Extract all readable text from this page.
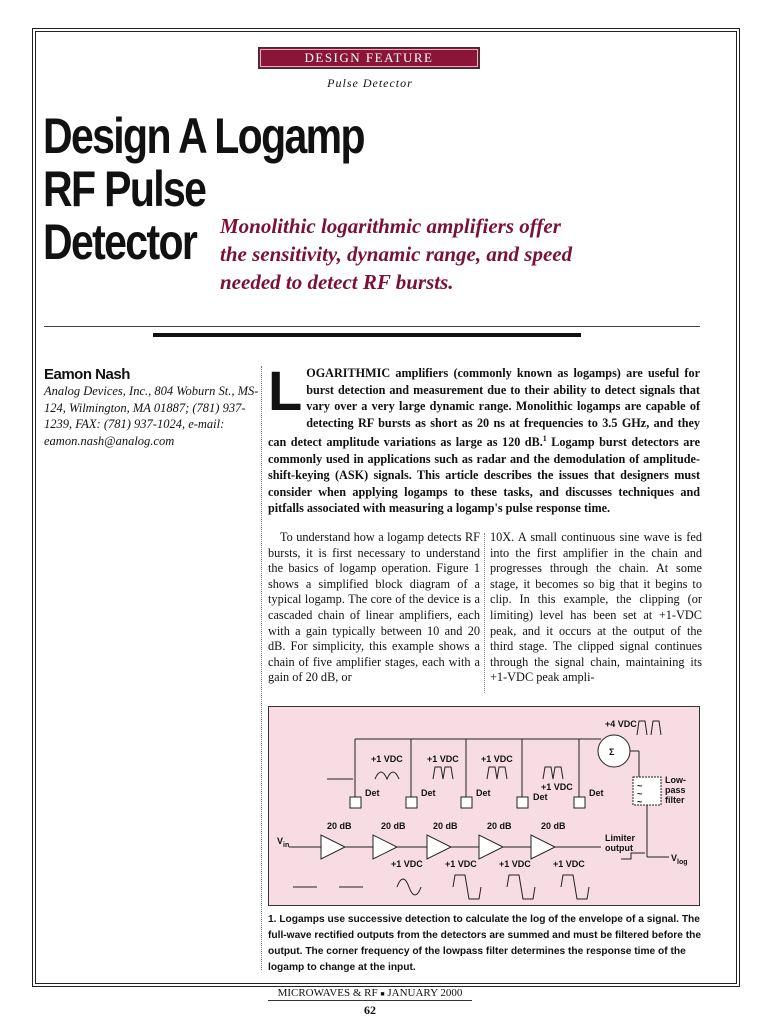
DESIGN FEATURE
Pulse Detector
Design A Logamp
RF Pulse
Detector	Monolithic logarithmic amplifiers offer the sensitivity, dynamic range, and speed needed to detect RF bursts.
Eamon Nash
Analog Devices, Inc., 804 Woburn St., MS-124, Wilmington, MA 01887; (781) 937-1239, FAX: (781) 937-1024, e-mail: eamon.nash@analog.com

LOGARITHMIC amplifiers (commonly known as logamps) are useful for burst detection and measurement due to their ability to detect signals that vary over a very large dynamic range. Monolithic logamps are capable of detecting RF bursts as short as 20 ns at frequencies to 3.5 GHz, and they can detect amplitude variations as large as 120 dB.$^1$ Logamp burst detectors are commonly used in applications such as radar and the demodulation of amplitude-shift-keying (ASK) signals. This article describes the issues that designers must consider when applying logamps to these tasks, and discusses techniques and pitfalls associated with measuring a logamp's pulse response time.

To understand how a logamp detects RF bursts, it is first necessary to understand the basics of logamp operation. Figure 1 shows a simplified block diagram of a typical logamp. The core of the device is a cascaded chain of linear amplifiers, each with a gain typically between 10 and 20 dB. For simplicity, this example shows a chain of five amplifier stages, each with a gain of 20 dB, or

10X. A small continuous sine wave is fed into the first amplifier in the chain and progresses through the chain. At some stage, it becomes so big that it begins to clip. In this example, the clipping (or limiting) level has been set at +1-VDC peak, and it occurs at the output of the third stage. The clipped signal continues through the signal chain, maintaining its +1-VDC peak ampli-

Σ
+4 VDC
Det	Det	Det	Det	Det
+1 VDC	+1 VDC +1 VDC
+1 VDC	~
~
~
Low-
pass
filter
$V_{log}$
20 dB	20 dB	20 dB	20 dB	20 dB
$V_{in}$
Limiter
output
+1 VDC +1 VDC +1 VDC +1 VDC

1. Logamps use successive detection to calculate the log of the envelope of a signal. The full-wave rectified outputs from the detectors are summed and must be filtered before the output. The corner frequency of the lowpass filter determines the response time of the logamp to change at the input.

MICROWAVES & RF ■ JANUARY 2000
62
